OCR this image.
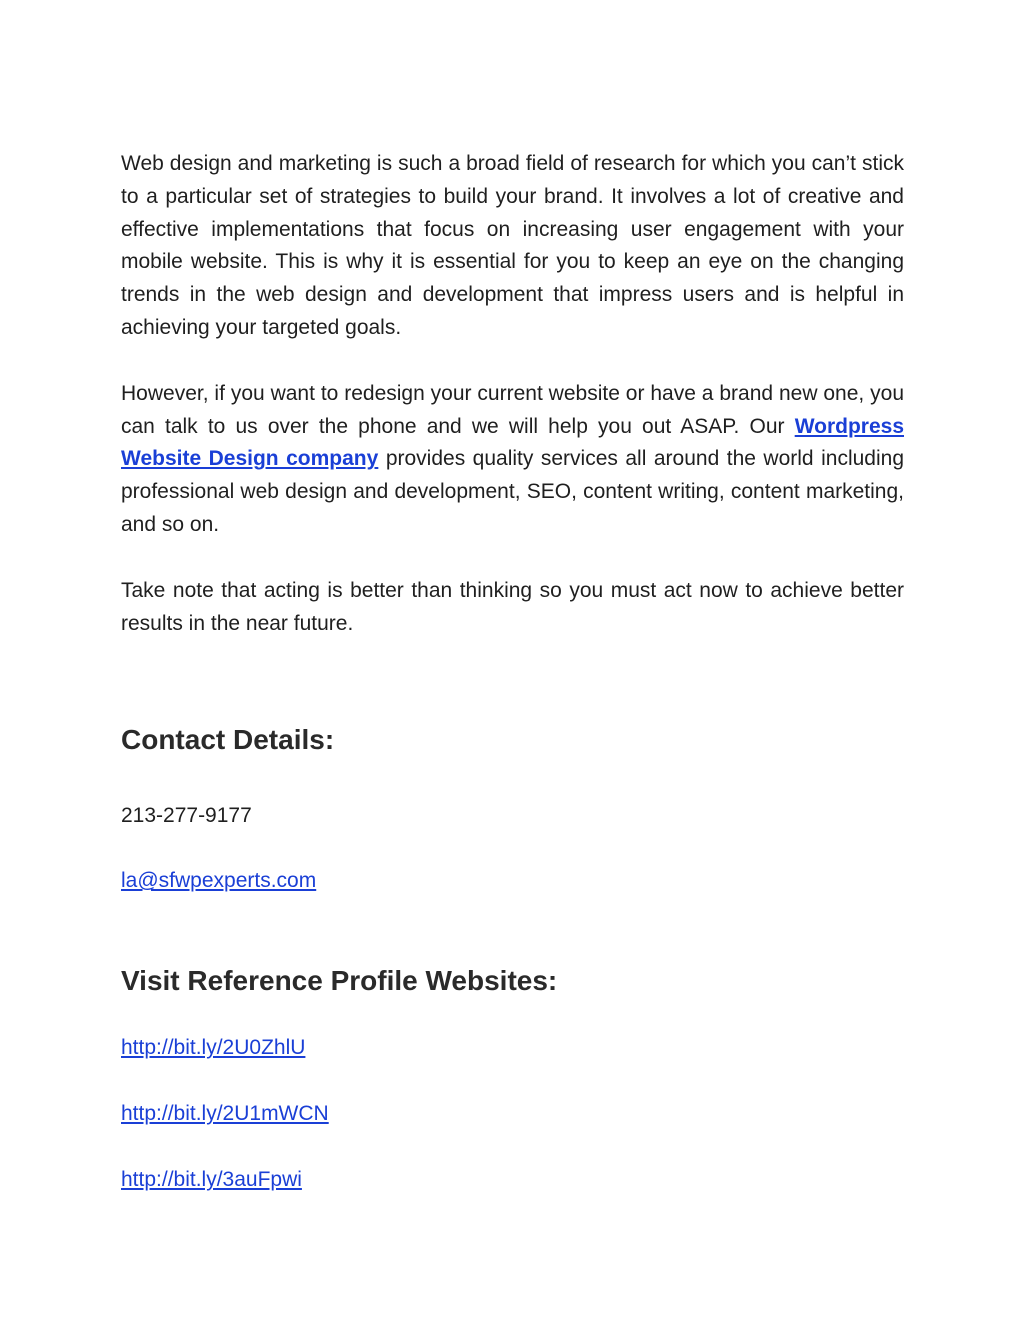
Web design and marketing is such a broad field of research for which you can’t stick to a particular set of strategies to build your brand. It involves a lot of creative and effective implementations that focus on increasing user engagement with your mobile website. This is why it is essential for you to keep an eye on the changing trends in the web design and development that impress users and is helpful in achieving your targeted goals.

However, if you want to redesign your current website or have a brand new one, you can talk to us over the phone and we will help you out ASAP. Our Wordpress Website Design company provides quality services all around the world including professional web design and development, SEO, content writing, content marketing, and so on.

Take note that acting is better than thinking so you must act now to achieve better results in the near future.

Contact Details:

213-277-9177

la@sfwpexperts.com

Visit Reference Profile Websites:

http://bit.ly/2U0ZhlU

http://bit.ly/2U1mWCN

http://bit.ly/3auFpwi
